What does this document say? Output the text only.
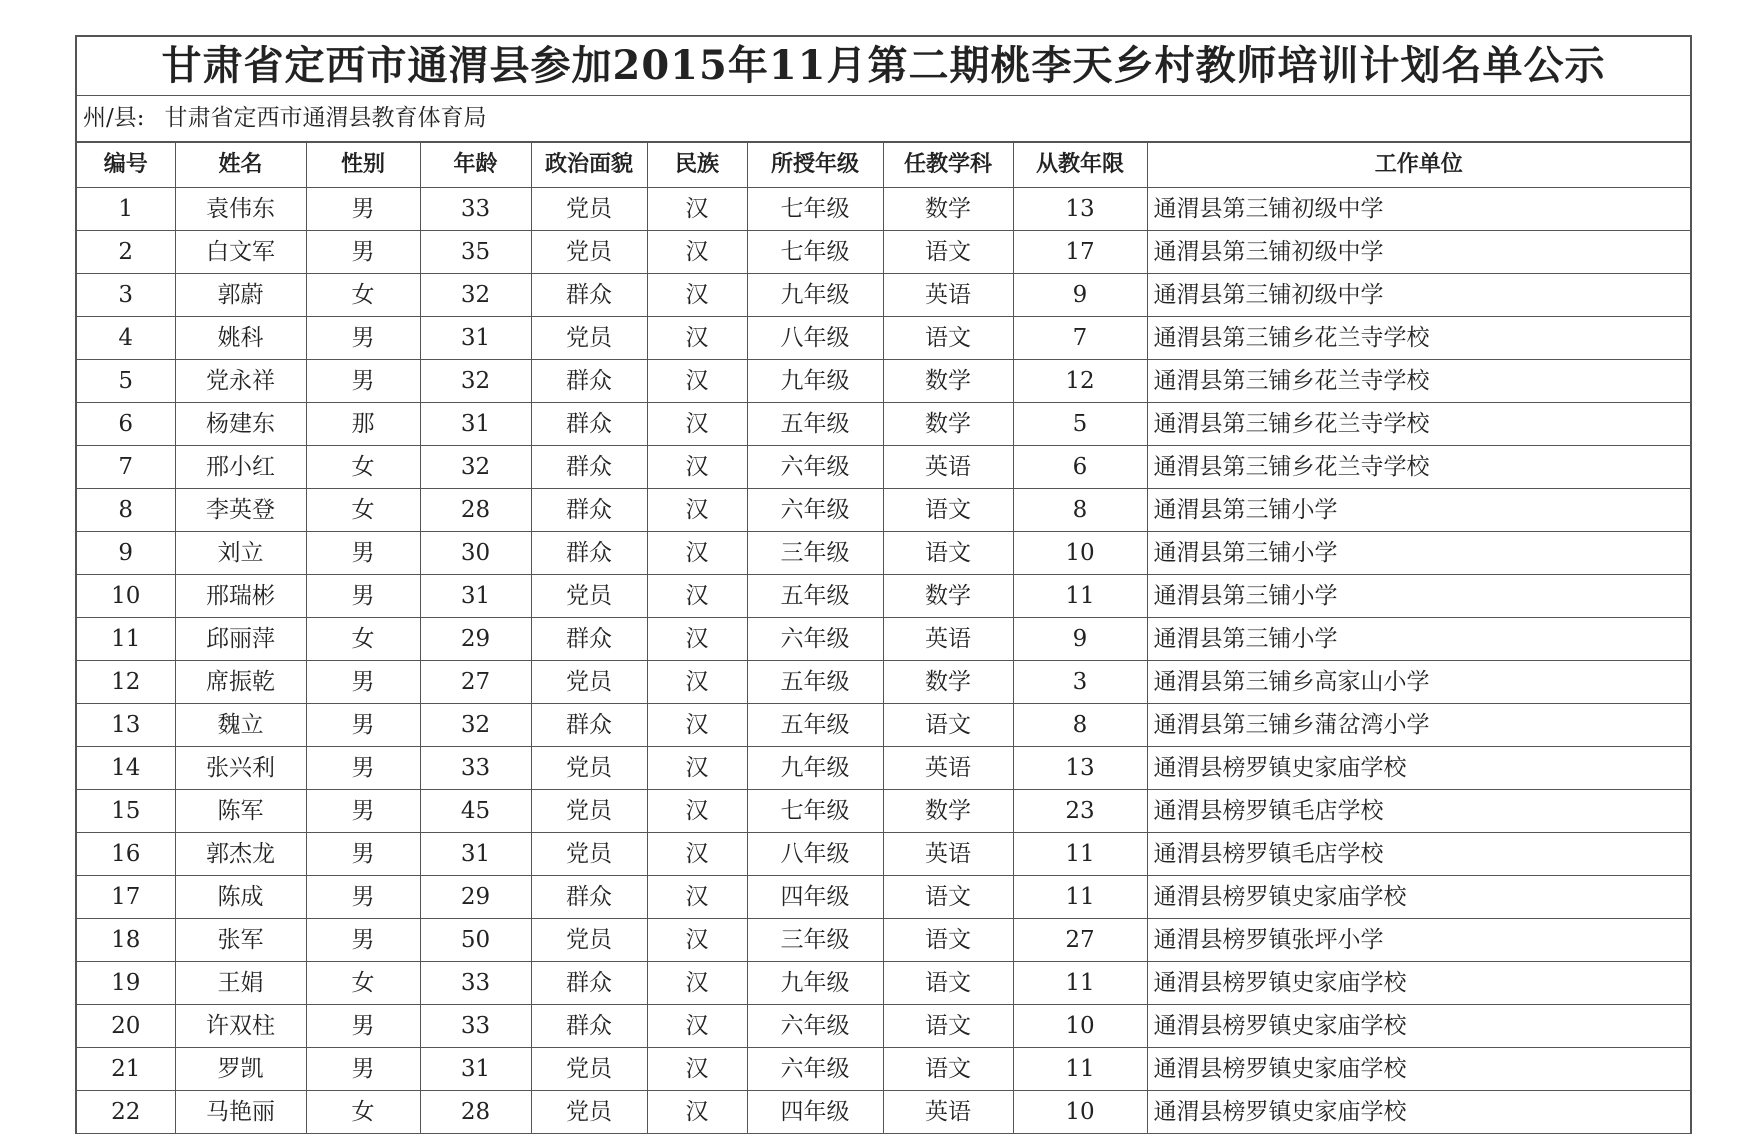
甘肃省定西市通渭县参加2015年11月第二期桃李天乡村教师培训计划名单公示
州/县: 甘肃省定西市通渭县教育体育局
编号	姓名	性别	年龄	政治面貌	民族	所授年级	任教学科	从教年限	工作单位
1	袁伟东	男	33	党员	汉	七年级	数学	13	通渭县第三铺初级中学
2	白文军	男	35	党员	汉	七年级	语文	17	通渭县第三铺初级中学
3	郭蔚	女	32	群众	汉	九年级	英语	9	通渭县第三铺初级中学
4	姚科	男	31	党员	汉	八年级	语文	7	通渭县第三铺乡花兰寺学校
5	党永祥	男	32	群众	汉	九年级	数学	12	通渭县第三铺乡花兰寺学校
6	杨建东	那	31	群众	汉	五年级	数学	5	通渭县第三铺乡花兰寺学校
7	邢小红	女	32	群众	汉	六年级	英语	6	通渭县第三铺乡花兰寺学校
8	李英登	女	28	群众	汉	六年级	语文	8	通渭县第三铺小学
9	刘立	男	30	群众	汉	三年级	语文	10	通渭县第三铺小学
10	邢瑞彬	男	31	党员	汉	五年级	数学	11	通渭县第三铺小学
11	邱丽萍	女	29	群众	汉	六年级	英语	9	通渭县第三铺小学
12	席振乾	男	27	党员	汉	五年级	数学	3	通渭县第三铺乡高家山小学
13	魏立	男	32	群众	汉	五年级	语文	8	通渭县第三铺乡蒲岔湾小学
14	张兴利	男	33	党员	汉	九年级	英语	13	通渭县榜罗镇史家庙学校
15	陈军	男	45	党员	汉	七年级	数学	23	通渭县榜罗镇毛店学校
16	郭杰龙	男	31	党员	汉	八年级	英语	11	通渭县榜罗镇毛店学校
17	陈成	男	29	群众	汉	四年级	语文	11	通渭县榜罗镇史家庙学校
18	张军	男	50	党员	汉	三年级	语文	27	通渭县榜罗镇张坪小学
19	王娟	女	33	群众	汉	九年级	语文	11	通渭县榜罗镇史家庙学校
20	许双柱	男	33	群众	汉	六年级	语文	10	通渭县榜罗镇史家庙学校
21	罗凯	男	31	党员	汉	六年级	语文	11	通渭县榜罗镇史家庙学校
22	马艳丽	女	28	党员	汉	四年级	英语	10	通渭县榜罗镇史家庙学校
